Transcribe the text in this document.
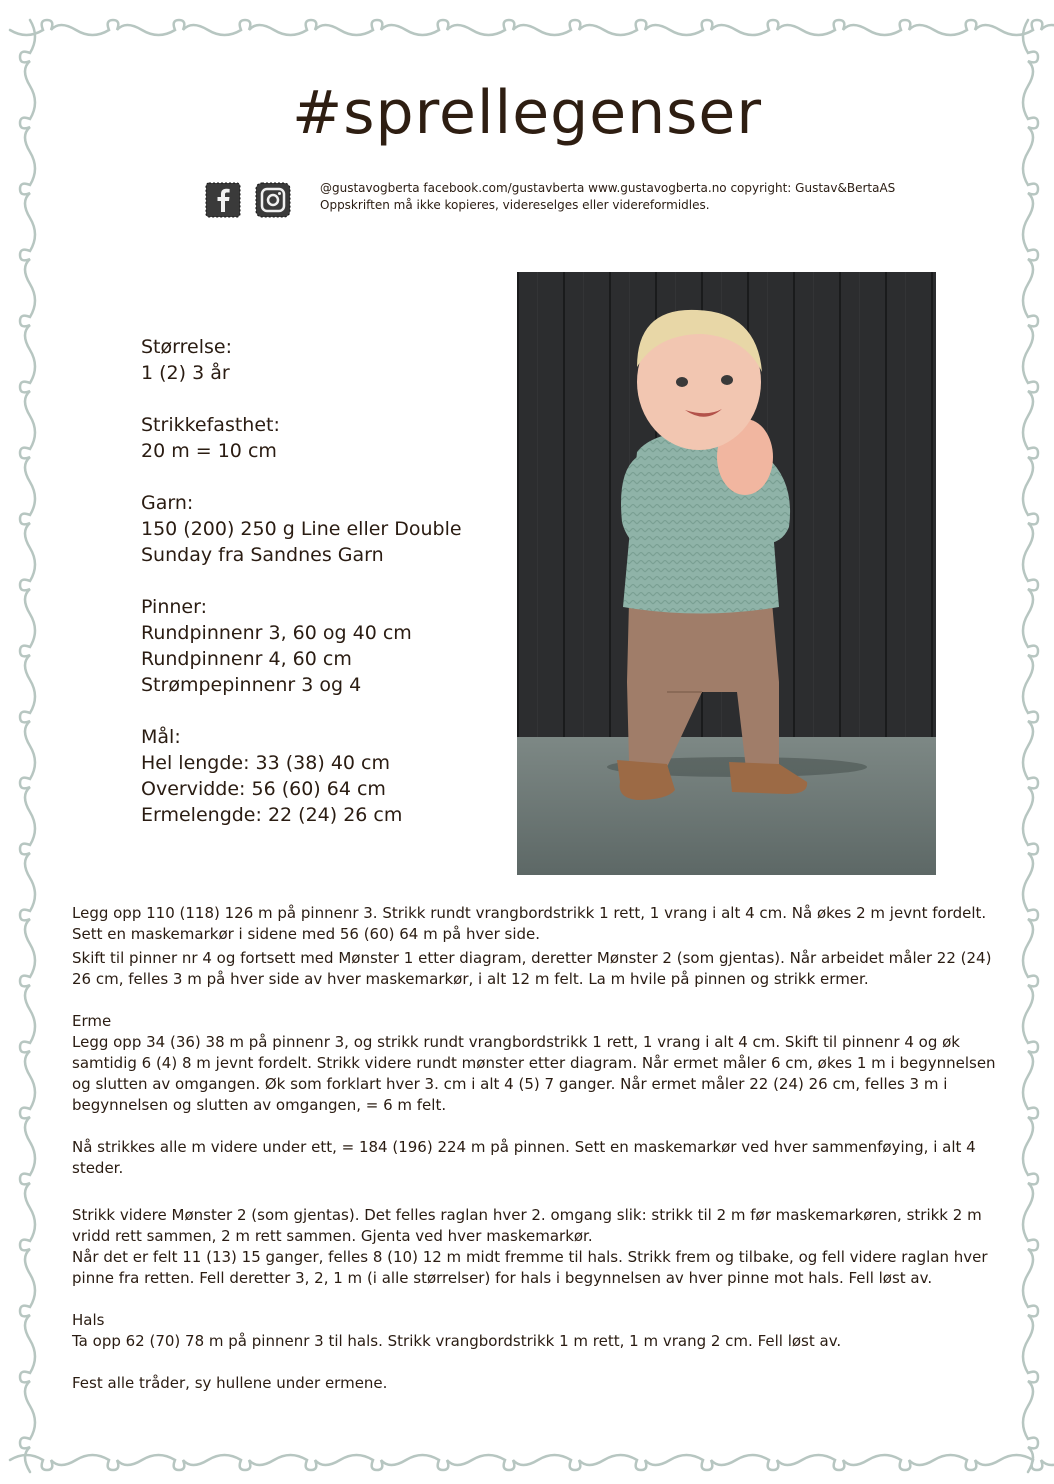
#sprellegenser
@gustavogberta facebook.com/gustavberta www.gustavogberta.no copyright: Gustav&BertaAS
Oppskriften må ikke kopieres, videreselges eller videreformidles.
Størrelse:
1 (2) 3 år
Strikkefasthet:
20 m = 10 cm
Garn:
150 (200) 250 g Line eller Double
Sunday fra Sandnes Garn
Pinner:
Rundpinnenr 3, 60 og 40 cm
Rundpinnenr 4, 60 cm
Strømpepinnenr 3 og 4
Mål:
Hel lengde: 33 (38) 40 cm
Overvidde: 56 (60) 64 cm
Ermelengde: 22 (24) 26 cm

Legg opp 110 (118) 126 m på pinnenr 3. Strikk rundt vrangbordstrikk 1 rett, 1 vrang i alt 4 cm. Nå økes 2 m jevnt fordelt. Sett en maskemarkør i sidene med 56 (60) 64 m på hver side.

Skift til pinner nr 4 og fortsett med Mønster 1 etter diagram, deretter Mønster 2 (som gjentas). Når arbeidet måler 22 (24) 26 cm, felles 3 m på hver side av hver maskemarkør, i alt 12 m felt. La m hvile på pinnen og strikk ermer.

Erme

Legg opp 34 (36) 38 m på pinnenr 3, og strikk rundt vrangbordstrikk 1 rett, 1 vrang i alt 4 cm. Skift til pinnenr 4 og øk samtidig 6 (4) 8 m jevnt fordelt. Strikk videre rundt mønster etter diagram. Når ermet måler 6 cm, økes 1 m i begynnelsen og slutten av omgangen. Øk som forklart hver 3. cm i alt 4 (5) 7 ganger. Når ermet måler 22 (24) 26 cm, felles 3 m i begynnelsen og slutten av omgangen, = 6 m felt.

Nå strikkes alle m videre under ett, = 184 (196) 224 m på pinnen. Sett en maskemarkør ved hver sammenføying, i alt 4 steder.

Strikk videre Mønster 2 (som gjentas). Det felles raglan hver 2. omgang slik: strikk til 2 m før maskemarkøren, strikk 2 m vridd rett sammen, 2 m rett sammen. Gjenta ved hver maskemarkør.

Når det er felt 11 (13) 15 ganger, felles 8 (10) 12 m midt fremme til hals. Strikk frem og tilbake, og fell videre raglan hver pinne fra retten. Fell deretter 3, 2, 1 m (i alle størrelser) for hals i begynnelsen av hver pinne mot hals. Fell løst av.

Hals

Ta opp 62 (70) 78 m på pinnenr 3 til hals. Strikk vrangbordstrikk 1 m rett, 1 m vrang 2 cm. Fell løst av.

Fest alle tråder, sy hullene under ermene.
